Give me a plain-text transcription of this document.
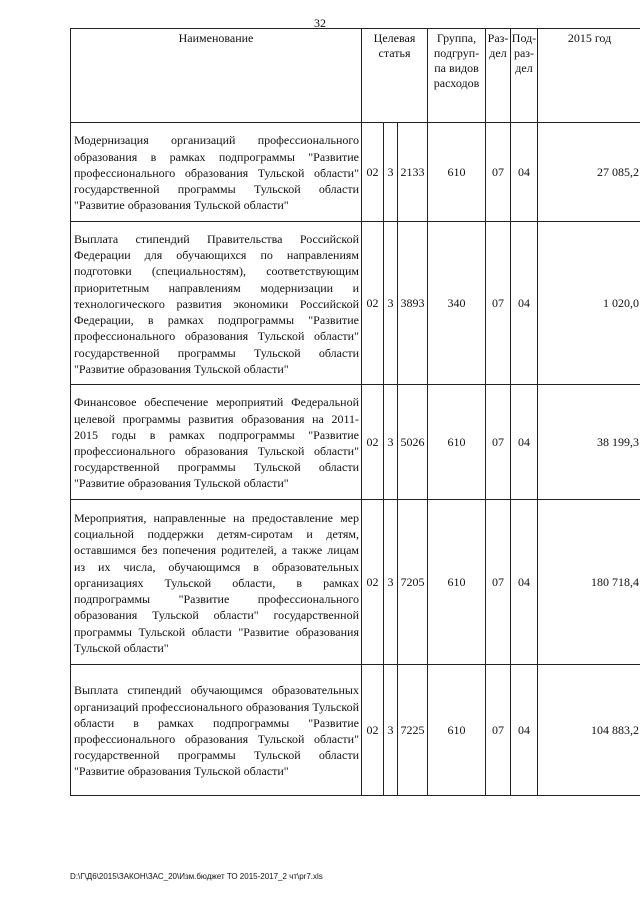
32
Наименование	Целевая статья			Группа, подгруп-па видов расходов	Раз-дел	Под-раз-дел	2015 год
Модернизация организаций профессионального образования в рамках подпрограммы "Развитие профессионального образования Тульской области" государственной программы Тульской области "Развитие образования Тульской области"	02	3	2133	610	07	04	27 085,2
Выплата стипендий Правительства Российской Федерации для обучающихся по направлениям подготовки (специальностям), соответствующим приоритетным направлениям модернизации и технологического развития экономики Российской Федерации, в рамках подпрограммы "Развитие профессионального образования Тульской области" государственной программы Тульской области "Развитие образования Тульской области"	02	3	3893	340	07	04	1 020,0
Финансовое обеспечение мероприятий Федеральной целевой программы развития образования на 2011-2015 годы в рамках подпрограммы "Развитие профессионального образования Тульской области" государственной программы Тульской области "Развитие образования Тульской области"	02	3	5026	610	07	04	38 199,3
Мероприятия, направленные на предоставление мер социальной поддержки детям-сиротам и детям, оставшимся без попечения родителей, а также лицам из их числа, обучающимся в образовательных организациях Тульской области, в рамках подпрограммы "Развитие профессионального образования Тульской области" государственной программы Тульской области "Развитие образования Тульской области"	02	3	7205	610	07	04	180 718,4
Выплата стипендий обучающимся образовательных организаций профессионального образования Тульской области в рамках подпрограммы "Развитие профессионального образования Тульской области" государственной программы Тульской области "Развитие образования Тульской области"	02	3	7225	610	07	04	104 883,2
D:\Г\Д6\2015\ЗАКОН\ЗАС_20\Изм.бюджет ТО 2015-2017_2 чт\pr7.xls
